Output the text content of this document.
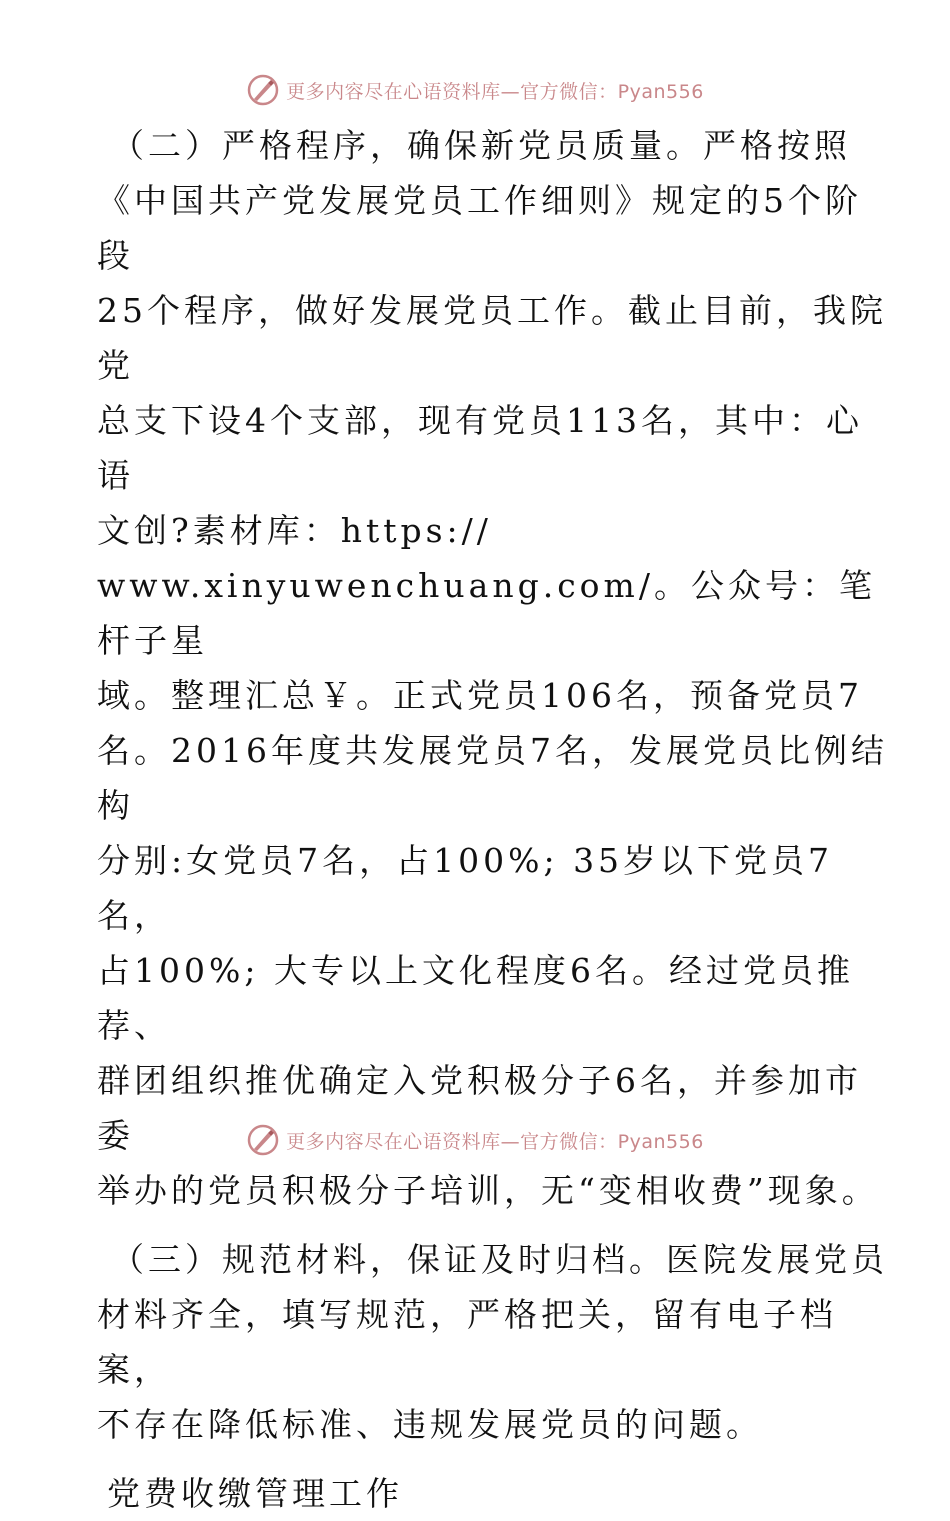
更多内容尽在心语资料库—官方微信：Pyan556

（二）严格程序，确保新党员质量。严格按照

《中国共产党发展党员工作细则》规定的5个阶段

25个程序，做好发展党员工作。截止目前，我院党

总支下设4个支部，现有党员113名，其中：心语

文创?素材库：https://

www.xinyuwenchuang.com/。公众号：笔杆子星

域。整理汇总￥。正式党员106名，预备党员7

名。2016年度共发展党员7名，发展党员比例结构

分别:女党员7名，占100%; 35岁以下党员7名，

占100%; 大专以上文化程度6名。经过党员推荐、

群团组织推优确定入党积极分子6名，并参加市委

举办的党员积极分子培训，无“变相收费”现象。

（三）规范材料，保证及时归档。医院发展党员

材料齐全，填写规范，严格把关，留有电子档案，

不存在降低标准、违规发展党员的问题。

党费收缴管理工作

更多内容尽在心语资料库—官方微信：Pyan556
